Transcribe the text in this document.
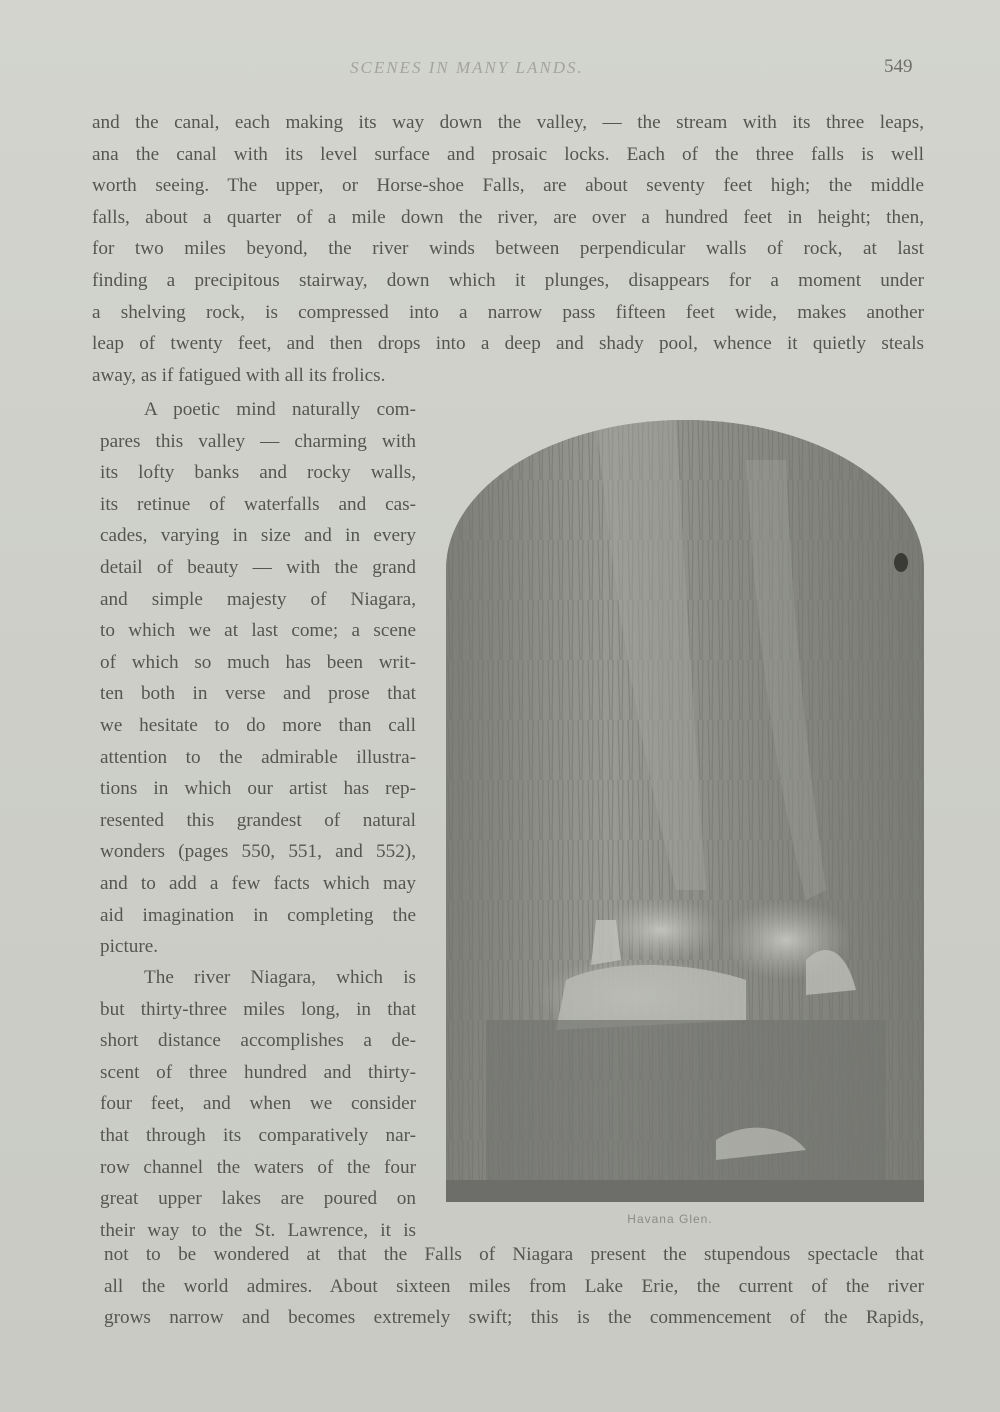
SCENES IN MANY LANDS.	549

and the canal, each making its way down the valley, — the stream with its three leaps,
ana the canal with its level surface and prosaic locks. Each of the three falls is well
worth seeing. The upper, or Horse-shoe Falls, are about seventy feet high; the middle
falls, about a quarter of a mile down the river, are over a hundred feet in height; then,
for two miles beyond, the river winds between perpendicular walls of rock, at last
finding a precipitous stairway, down which it plunges, disappears for a moment under
a shelving rock, is compressed into a narrow pass fifteen feet wide, makes another
leap of twenty feet, and then drops into a deep and shady pool, whence it quietly steals
away, as if fatigued with all its frolics.

A poetic mind naturally com-
pares this valley — charming with
its lofty banks and rocky walls,
its retinue of waterfalls and cas-
cades, varying in size and in every
detail of beauty — with the grand
and simple majesty of Niagara,
to which we at last come; a scene
of which so much has been writ-
ten both in verse and prose that
we hesitate to do more than call
attention to the admirable illustra-
tions in which our artist has rep-
resented this grandest of natural
wonders (pages 550, 551, and 552),
and to add a few facts which may
aid imagination in completing the
picture.

The river Niagara, which is
but thirty-three miles long, in that
short distance accomplishes a de-
scent of three hundred and thirty-
four feet, and when we consider
that through its comparatively nar-
row channel the waters of the four
great upper lakes are poured on
their way to the St. Lawrence, it is

Havana Glen.

not to be wondered at that the Falls of Niagara present the stupendous spectacle that
all the world admires. About sixteen miles from Lake Erie, the current of the river
grows narrow and becomes extremely swift; this is the commencement of the Rapids,
